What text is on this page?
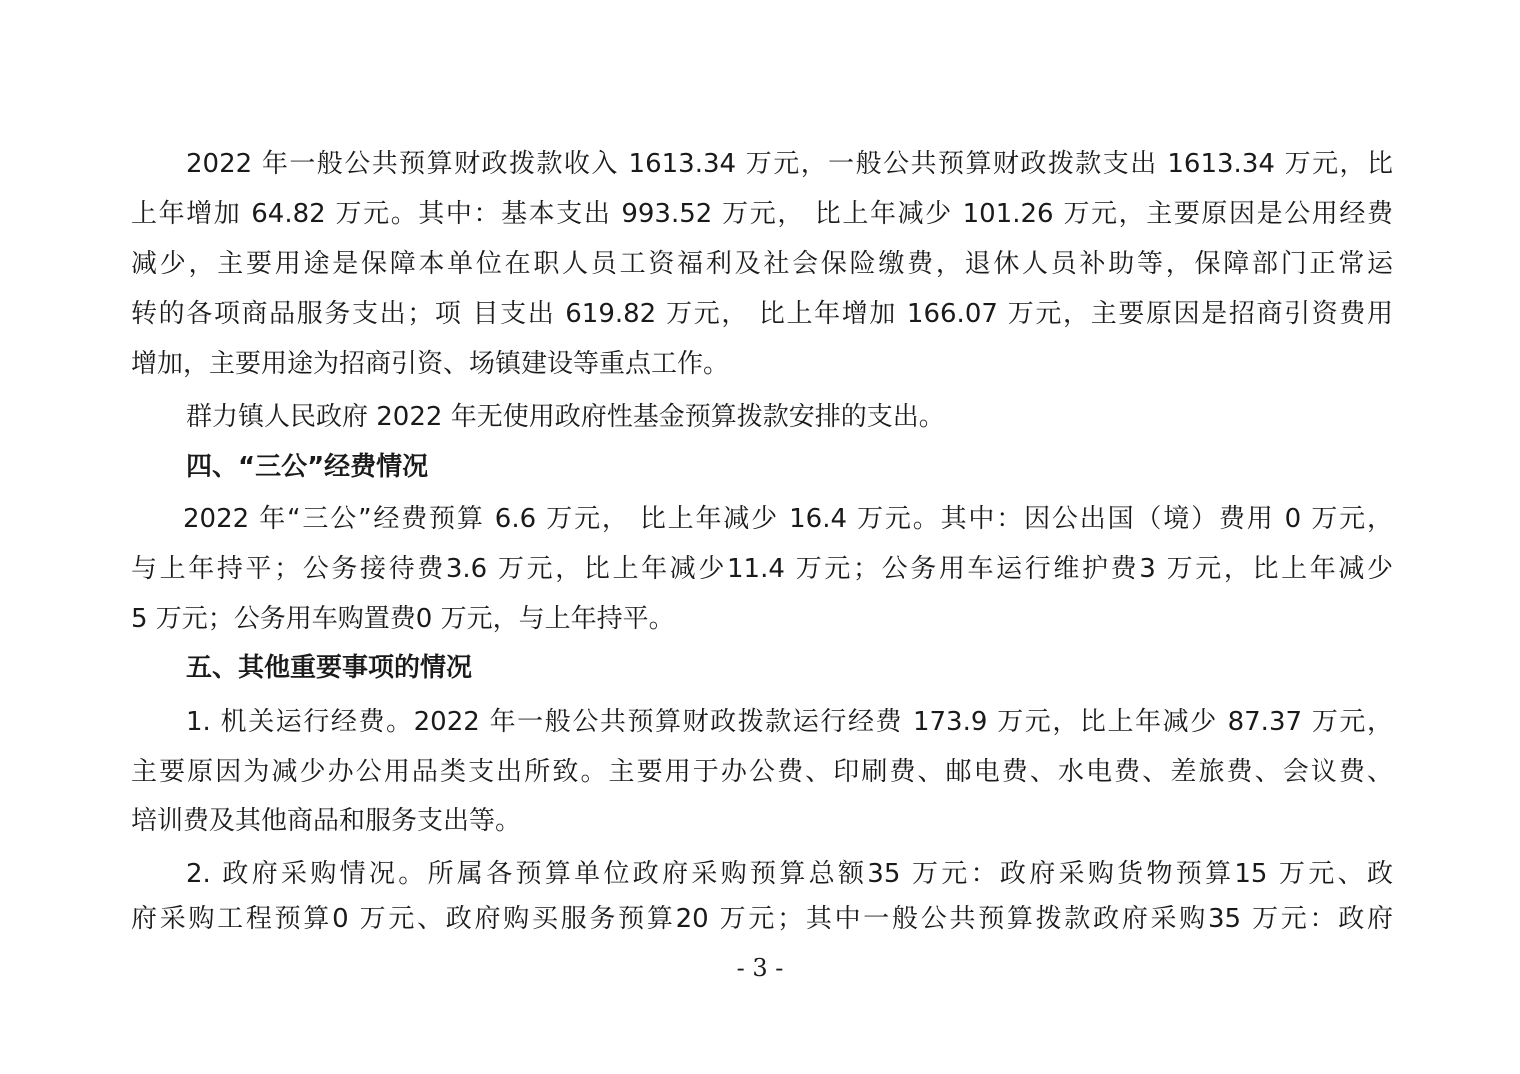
2022 年一般公共预算财政拨款收入 1613.34 万元，一般公共预算财政拨款支出 1613.34 万元，比
上年增加 64.82 万元。其中：基本支出 993.52 万元， 比上年减少 101.26 万元，主要原因是公用经费
减少，主要用途是保障本单位在职人员工资福利及社会保险缴费，退休人员补助等，保障部门正常运
转的各项商品服务支出；项 目支出 619.82 万元， 比上年增加 166.07 万元，主要原因是招商引资费用
增加，主要用途为招商引资、场镇建设等重点工作。
群力镇人民政府 2022 年无使用政府性基金预算拨款安排的支出。
四、“三公”经费情况
2022 年“三公”经费预算 6.6 万元， 比上年减少 16.4 万元。其中：因公出国（境）费用 0 万元，
与上年持平；公务接待费3.6 万元，比上年减少11.4 万元；公务用车运行维护费3 万元，比上年减少
5 万元；公务用车购置费0 万元，与上年持平。
五、其他重要事项的情况
1. 机关运行经费。2022 年一般公共预算财政拨款运行经费 173.9 万元，比上年减少 87.37 万元，
主要原因为减少办公用品类支出所致。主要用于办公费、印刷费、邮电费、水电费、差旅费、会议费、
培训费及其他商品和服务支出等。
2. 政府采购情况。所属各预算单位政府采购预算总额35 万元：政府采购货物预算15 万元、政
府采购工程预算0 万元、政府购买服务预算20 万元；其中一般公共预算拨款政府采购35 万元：政府
- 3 -
